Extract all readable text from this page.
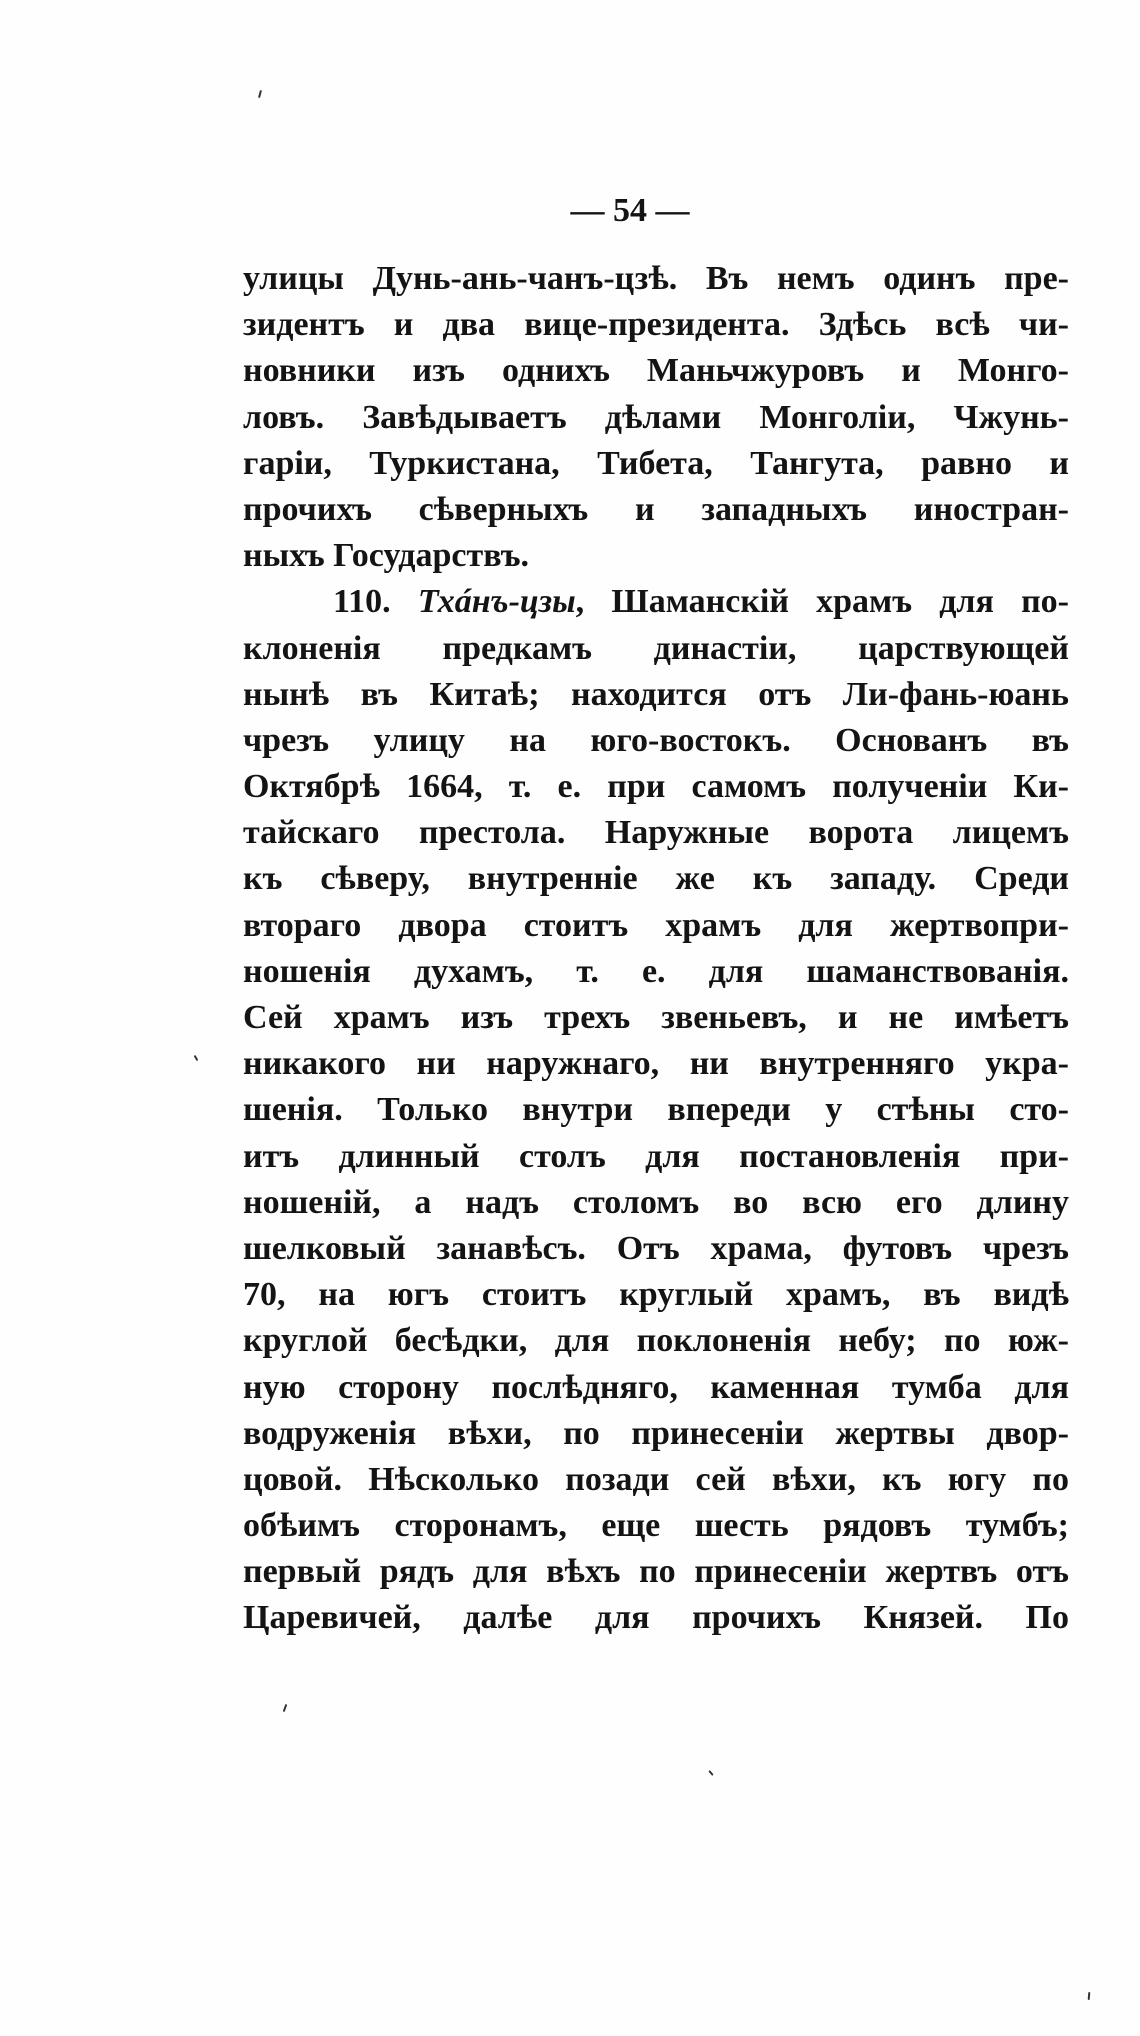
— 54 —
улицы Дунь-ань-чанъ-цзѣ. Въ немъ одинъ пре-
зидентъ и два вице-президента. Здѣсь всѣ чи-
новники изъ однихъ Маньчжуровъ и Монго-
ловъ. Завѣдываетъ дѣлами Монголіи, Чжунь-
гаріи, Туркистана, Тибета, Тангута, равно и
прочихъ сѣверныхъ и западныхъ иностран-
ныхъ Государствъ.
110. Тхáнъ-цзы, Шаманскій храмъ для по-
клоненія предкамъ династіи, царствующей
нынѣ въ Китаѣ; находится отъ Ли-фань-юань
чрезъ улицу на юго-востокъ. Основанъ въ
Октябрѣ 1664, т. е. при самомъ полученіи Ки-
тайскаго престола. Наружные ворота лицемъ
къ сѣверу, внутренніе же къ западу. Среди
втораго двора стоитъ храмъ для жертвопри-
ношенія духамъ, т. е. для шаманствованія.
Сей храмъ изъ трехъ звеньевъ, и не имѣетъ
никакого ни наружнаго, ни внутренняго укра-
шенія. Только внутри впереди у стѣны сто-
итъ длинный столъ для постановленія при-
ношеній, а надъ столомъ во всю его длину
шелковый занавѣсъ. Отъ храма, футовъ чрезъ
70, на югъ стоитъ круглый храмъ, въ видѣ
круглой бесѣдки, для поклоненія небу; по юж-
ную сторону послѣдняго, каменная тумба для
водруженія вѣхи, по принесеніи жертвы двор-
цовой. Нѣсколько позади сей вѣхи, къ югу по
обѣимъ сторонамъ, еще шесть рядовъ тумбъ;
первый рядъ для вѣхъ по принесеніи жертвъ отъ
Царевичей, далѣе для прочихъ Князей. По
